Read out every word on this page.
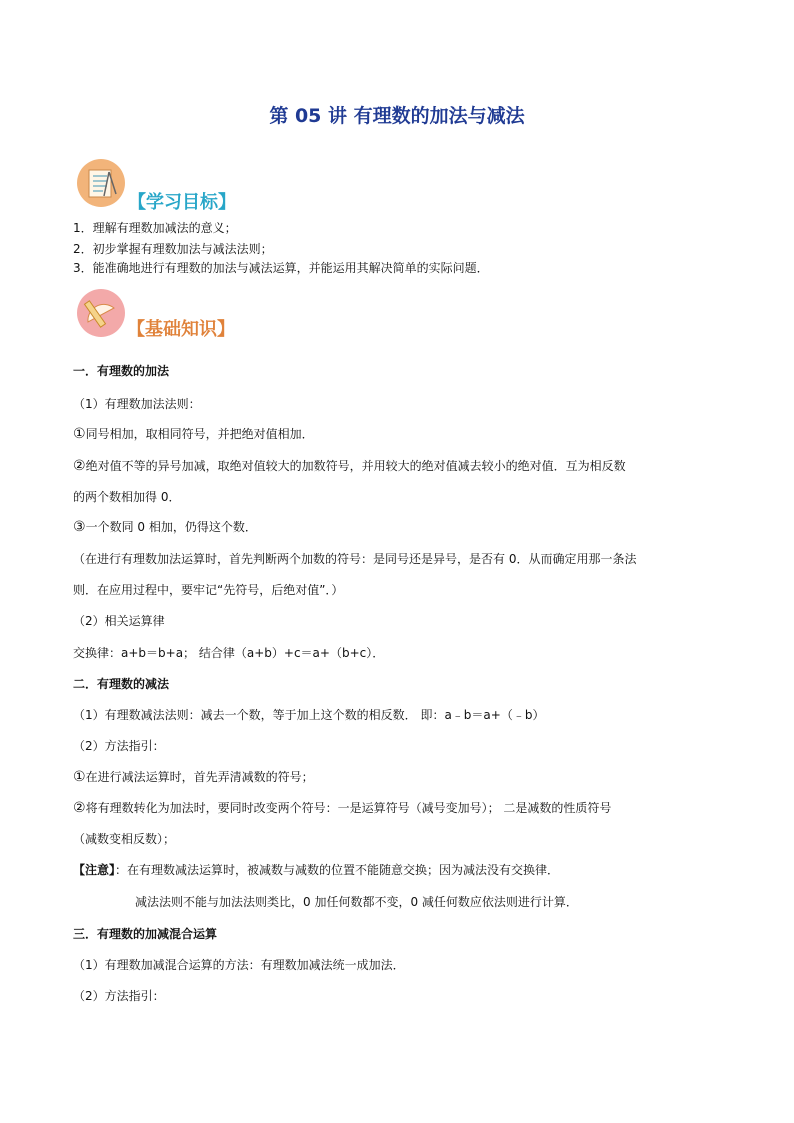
第 05 讲 有理数的加法与减法
【学习目标】
1．理解有理数加减法的意义；
2．初步掌握有理数加法与减法法则；
3．能准确地进行有理数的加法与减法运算，并能运用其解决简单的实际问题．
【基础知识】
一．有理数的加法
（1）有理数加法法则：
①同号相加，取相同符号，并把绝对值相加．
②绝对值不等的异号加减，取绝对值较大的加数符号，并用较大的绝对值减去较小的绝对值．互为相反数
的两个数相加得 0．
③一个数同 0 相加，仍得这个数．
（在进行有理数加法运算时，首先判断两个加数的符号：是同号还是异号，是否有 0．从而确定用那一条法
则．在应用过程中，要牢记“先符号，后绝对值”．）
（2）相关运算律
交换律：a+b＝b+a； 结合律（a+b）+c＝a+（b+c）．
二．有理数的减法
（1）有理数减法法则：减去一个数，等于加上这个数的相反数． 即：a﹣b＝a+（﹣b）
（2）方法指引：
①在进行减法运算时，首先弄清减数的符号；
②将有理数转化为加法时，要同时改变两个符号：一是运算符号（减号变加号）； 二是减数的性质符号
（减数变相反数）；
【注意】：在有理数减法运算时，被减数与减数的位置不能随意交换；因为减法没有交换律．
减法法则不能与加法法则类比，0 加任何数都不变，0 减任何数应依法则进行计算．
三．有理数的加减混合运算
（1）有理数加减混合运算的方法：有理数加减法统一成加法．
（2）方法指引：
